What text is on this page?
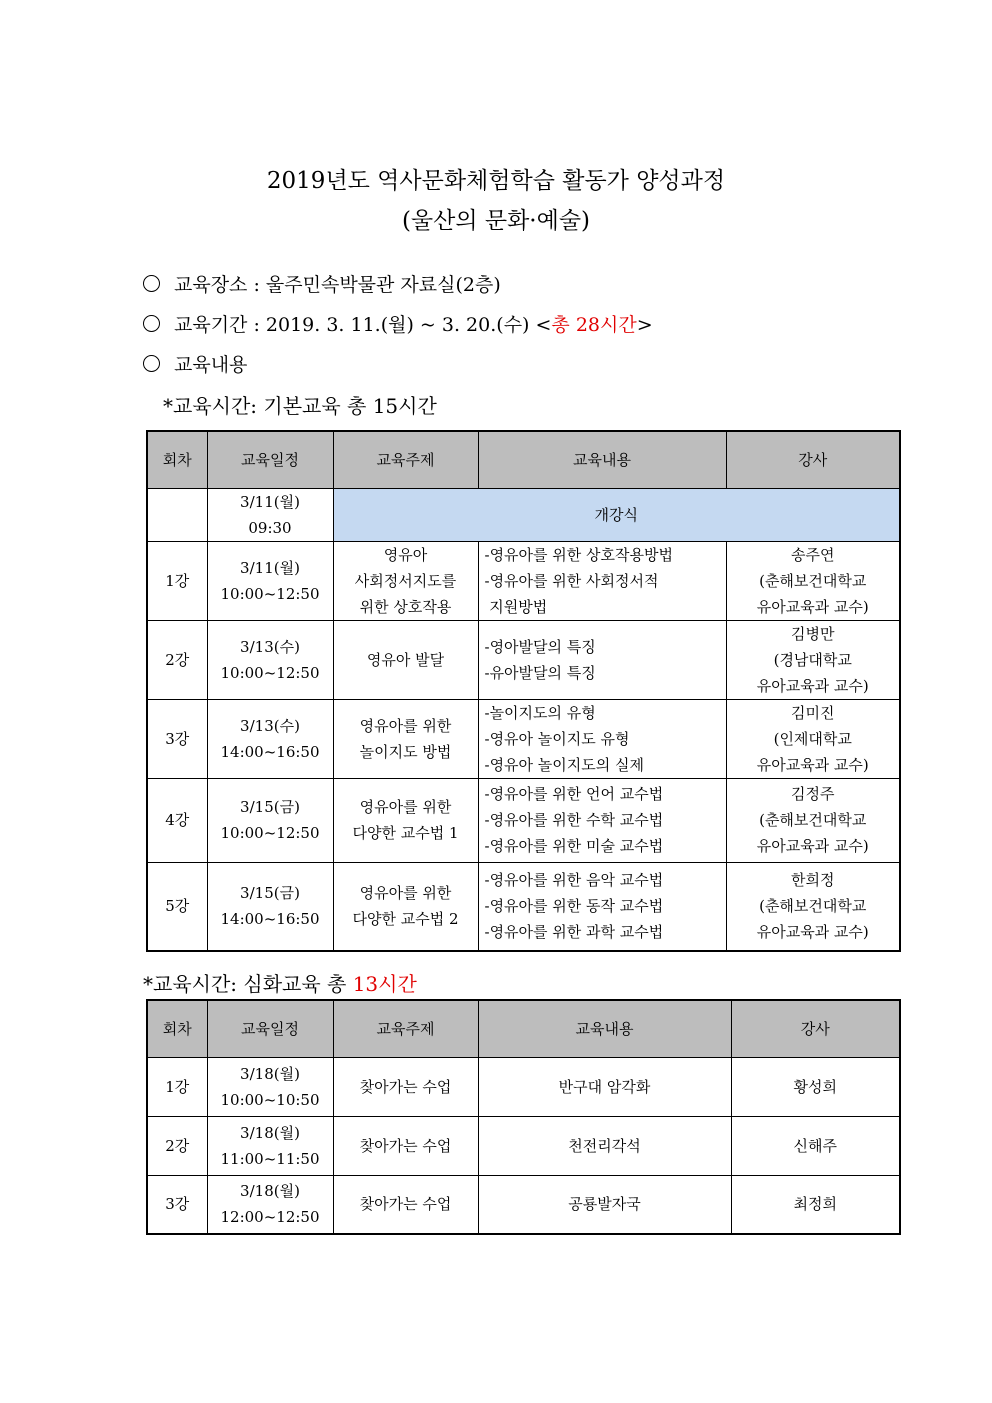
2019년도 역사문화체험학습 활동가 양성과정
(울산의 문화·예술)
교육장소 : 울주민속박물관 자료실(2층)
교육기간 : 2019. 3. 11.(월) ~ 3. 20.(수) <총 28시간>
교육내용
*교육시간: 기본교육 총 15시간
회차	교육일정	교육주제	교육내용	강사

	3/11(월)
09:30	개강식		
1강	3/11(월)
10:00~12:50	영유아
사회정서지도를
위한 상호작용	-영유아를 위한 상호작용방법
-영유아를 위한 사회정서적
지원방법	송주연
(춘해보건대학교
유아교육과 교수)

2강	3/13(수)
10:00~12:50	영유아 발달	-영아발달의 특징
-유아발달의 특징	김병만
(경남대학교
유아교육과 교수)

3강	3/13(수)
14:00~16:50	영유아를 위한
놀이지도 방법	-놀이지도의 유형
-영유아 놀이지도 유형
-영유아 놀이지도의 실제	김미진
(인제대학교
유아교육과 교수)

4강	3/15(금)
10:00~12:50	영유아를 위한
다양한 교수법 1	-영유아를 위한 언어 교수법
-영유아를 위한 수학 교수법
-영유아를 위한 미술 교수법	김정주
(춘해보건대학교
유아교육과 교수)

5강	3/15(금)
14:00~16:50	영유아를 위한
다양한 교수법 2	-영유아를 위한 음악 교수법
-영유아를 위한 동작 교수법
-영유아를 위한 과학 교수법	한희정
(춘해보건대학교
유아교육과 교수)
*교육시간: 심화교육 총 13시간
회차	교육일정	교육주제	교육내용	강사
1강	3/18(월)
10:00~10:50	찾아가는 수업	반구대 암각화	황성희
2강	3/18(월)
11:00~11:50	찾아가는 수업	천전리각석	신해주
3강	3/18(월)
12:00~12:50	찾아가는 수업	공룡발자국	최정희
